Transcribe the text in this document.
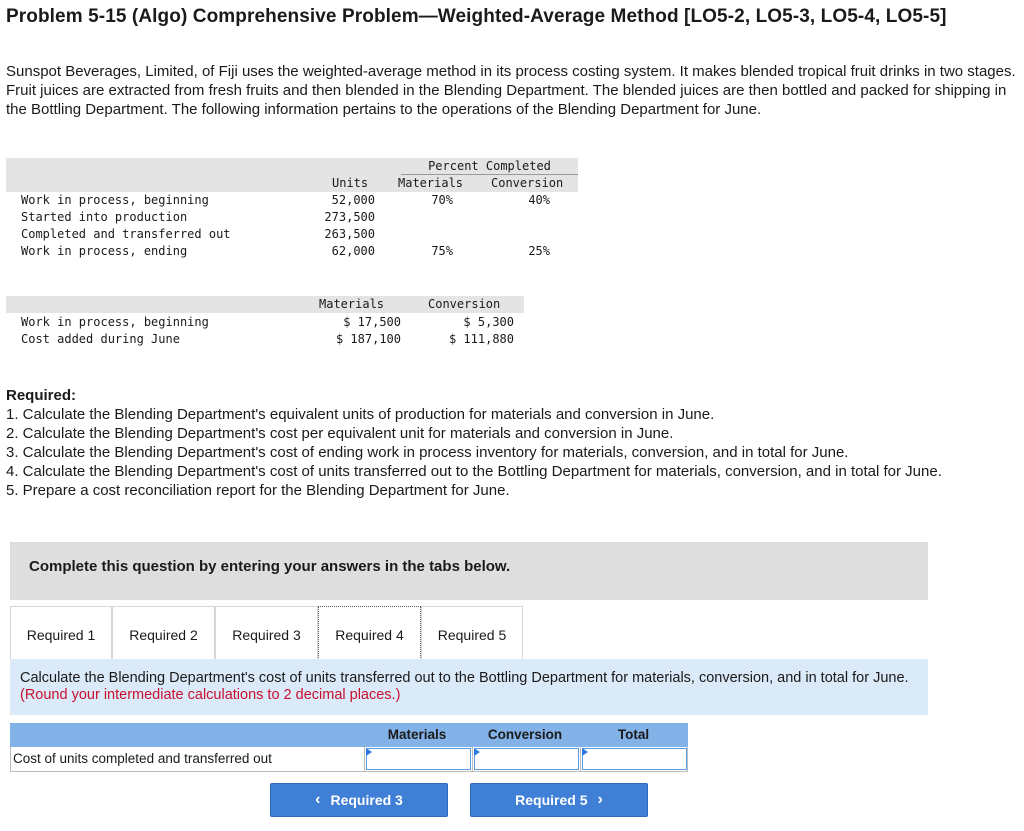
Problem 5-15 (Algo) Comprehensive Problem—Weighted-Average Method [LO5-2, LO5-3, LO5-4, LO5-5]

Sunspot Beverages, Limited, of Fiji uses the weighted-average method in its process costing system. It makes blended tropical fruit drinks in two stages. Fruit juices are extracted from fresh fruits and then blended in the Blending Department. The blended juices are then bottled and packed for shipping in the Bottling Department. The following information pertains to the operations of the Blending Department for June.

Percent Completed
Units Materials Conversion
Work in process, beginning	52,000	70%	40%
Started into production	273,500
Completed and transferred out	263,500
Work in process, ending	62,000	75%	25%
Materials	Conversion
Work in process, beginning	$ 17,500	$ 5,300
Cost added during June	$ 187,100	$ 111,880

Required:

1. Calculate the Blending Department's equivalent units of production for materials and conversion in June.

2. Calculate the Blending Department's cost per equivalent unit for materials and conversion in June.

3. Calculate the Blending Department's cost of ending work in process inventory for materials, conversion, and in total for June.

4. Calculate the Blending Department's cost of units transferred out to the Bottling Department for materials, conversion, and in total for June.

5. Prepare a cost reconciliation report for the Blending Department for June.

Complete this question by entering your answers in the tabs below.
Required 1	Required 2	Required 3	Required 4	Required 5
Calculate the Blending Department's cost of units transferred out to the Bottling Department for materials, conversion, and in total for June. (Round your intermediate calculations to 2 decimal places.)
Materials	Conversion	Total
Cost of units completed and transferred out
‹ Required 3	Required 5 ›
